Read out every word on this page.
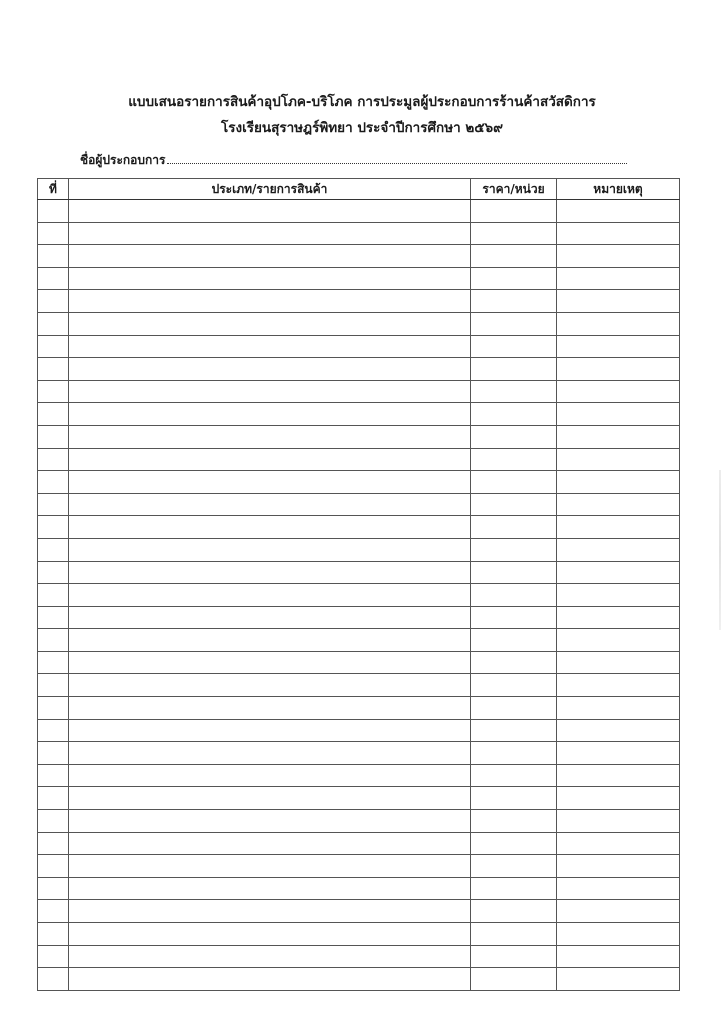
แบบเสนอรายการสินค้าอุปโภค-บริโภค การประมูลผู้ประกอบการร้านค้าสวัสดิการ
โรงเรียนสุราษฎร์พิทยา ประจำปีการศึกษา ๒๕๖๙
ชื่อผู้ประกอบการ
ที่	ประเภท/รายการสินค้า	ราคา/หน่วย	หมายเหตุ
